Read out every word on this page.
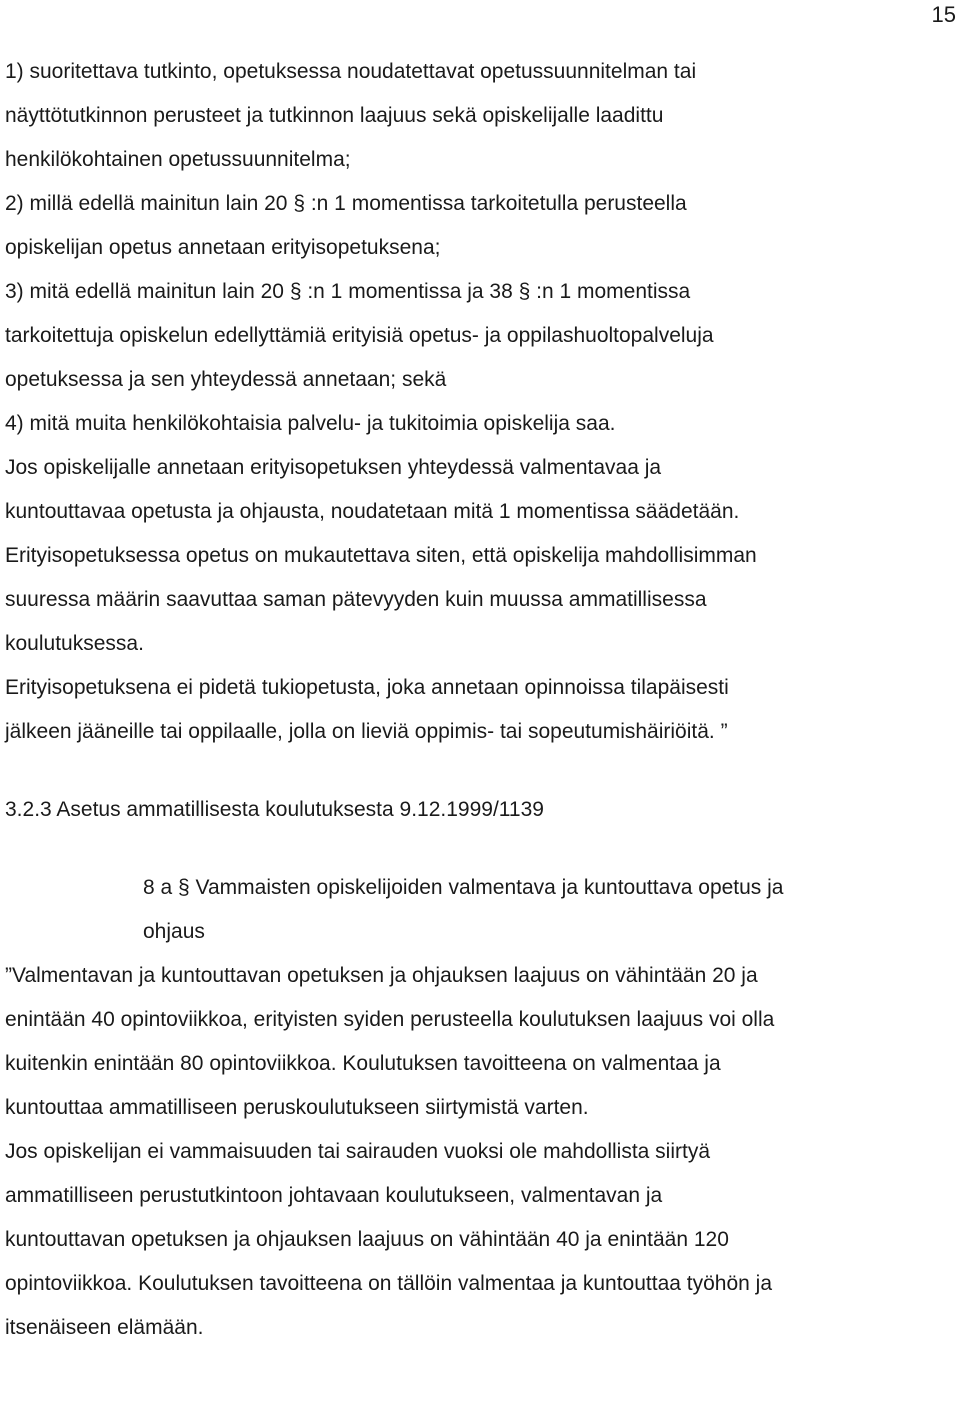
15
1) suoritettava tutkinto, opetuksessa noudatettavat opetussuunnitelman tai
näyttötutkinnon perusteet ja tutkinnon laajuus sekä opiskelijalle laadittu
henkilökohtainen opetussuunnitelma;
2) millä edellä mainitun lain 20 § :n 1 momentissa tarkoitetulla perusteella
opiskelijan opetus annetaan erityisopetuksena;
3) mitä edellä mainitun lain 20 § :n 1 momentissa ja 38 § :n 1 momentissa
tarkoitettuja opiskelun edellyttämiä erityisiä opetus- ja oppilashuoltopalveluja
opetuksessa ja sen yhteydessä annetaan; sekä
4) mitä muita henkilökohtaisia palvelu- ja tukitoimia opiskelija saa.
Jos opiskelijalle annetaan erityisopetuksen yhteydessä valmentavaa ja
kuntouttavaa opetusta ja ohjausta, noudatetaan mitä 1 momentissa säädetään.
Erityisopetuksessa opetus on mukautettava siten, että opiskelija mahdollisimman
suuressa määrin saavuttaa saman pätevyyden kuin muussa ammatillisessa
koulutuksessa.
Erityisopetuksena ei pidetä tukiopetusta, joka annetaan opinnoissa tilapäisesti
jälkeen jääneille tai oppilaalle, jolla on lieviä oppimis- tai sopeutumishäiriöitä. ”
3.2.3 Asetus ammatillisesta koulutuksesta 9.12.1999/1139
8 a § Vammaisten opiskelijoiden valmentava ja kuntouttava opetus ja
ohjaus
”Valmentavan ja kuntouttavan opetuksen ja ohjauksen laajuus on vähintään 20 ja
enintään 40 opintoviikkoa, erityisten syiden perusteella koulutuksen laajuus voi olla
kuitenkin enintään 80 opintoviikkoa. Koulutuksen tavoitteena on valmentaa ja
kuntouttaa ammatilliseen peruskoulutukseen siirtymistä varten.
Jos opiskelijan ei vammaisuuden tai sairauden vuoksi ole mahdollista siirtyä
ammatilliseen perustutkintoon johtavaan koulutukseen, valmentavan ja
kuntouttavan opetuksen ja ohjauksen laajuus on vähintään 40 ja enintään 120
opintoviikkoa. Koulutuksen tavoitteena on tällöin valmentaa ja kuntouttaa työhön ja
itsenäiseen elämään.
